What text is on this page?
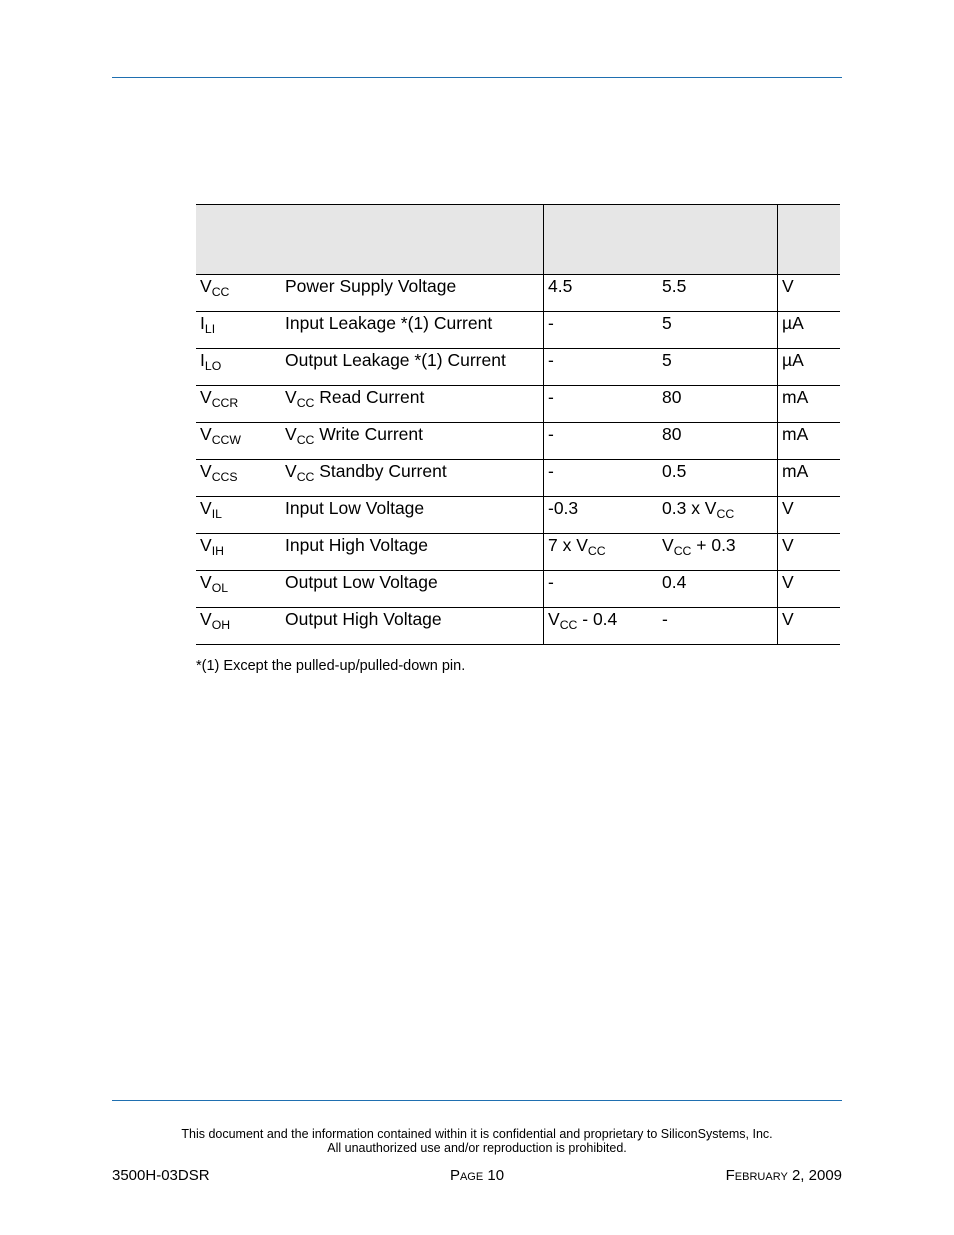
$V_{CC}$	Power Supply Voltage	4.5	5.5	V
$I_{LI}$	Input Leakage *(1) Current	-	5	µA
$I_{LO}$	Output Leakage *(1) Current	-	5	µA
$V_{CCR}$	$V_{CC}$ Read Current	-	80	mA
$V_{CCW}$	$V_{CC}$ Write Current	-	80	mA
$V_{CCS}$	$V_{CC}$ Standby Current	-	0.5	mA
$V_{IL}$	Input Low Voltage	-0.3	0.3 x $V_{CC}$	V
$V_{IH}$	Input High Voltage	7 x $V_{CC}$	$V_{CC} + 0.3$	V
$V_{OL}$	Output Low Voltage	-	0.4	V
$V_{OH}$	Output High Voltage	$V_{CC} - 0.4$	-	V
*(1) Except the pulled-up/pulled-down pin.
This document and the information contained within it is confidential and proprietary to SiliconSystems, Inc.
All unauthorized use and/or reproduction is prohibited.
3500H-03DSR	Page 10	February 2, 2009
